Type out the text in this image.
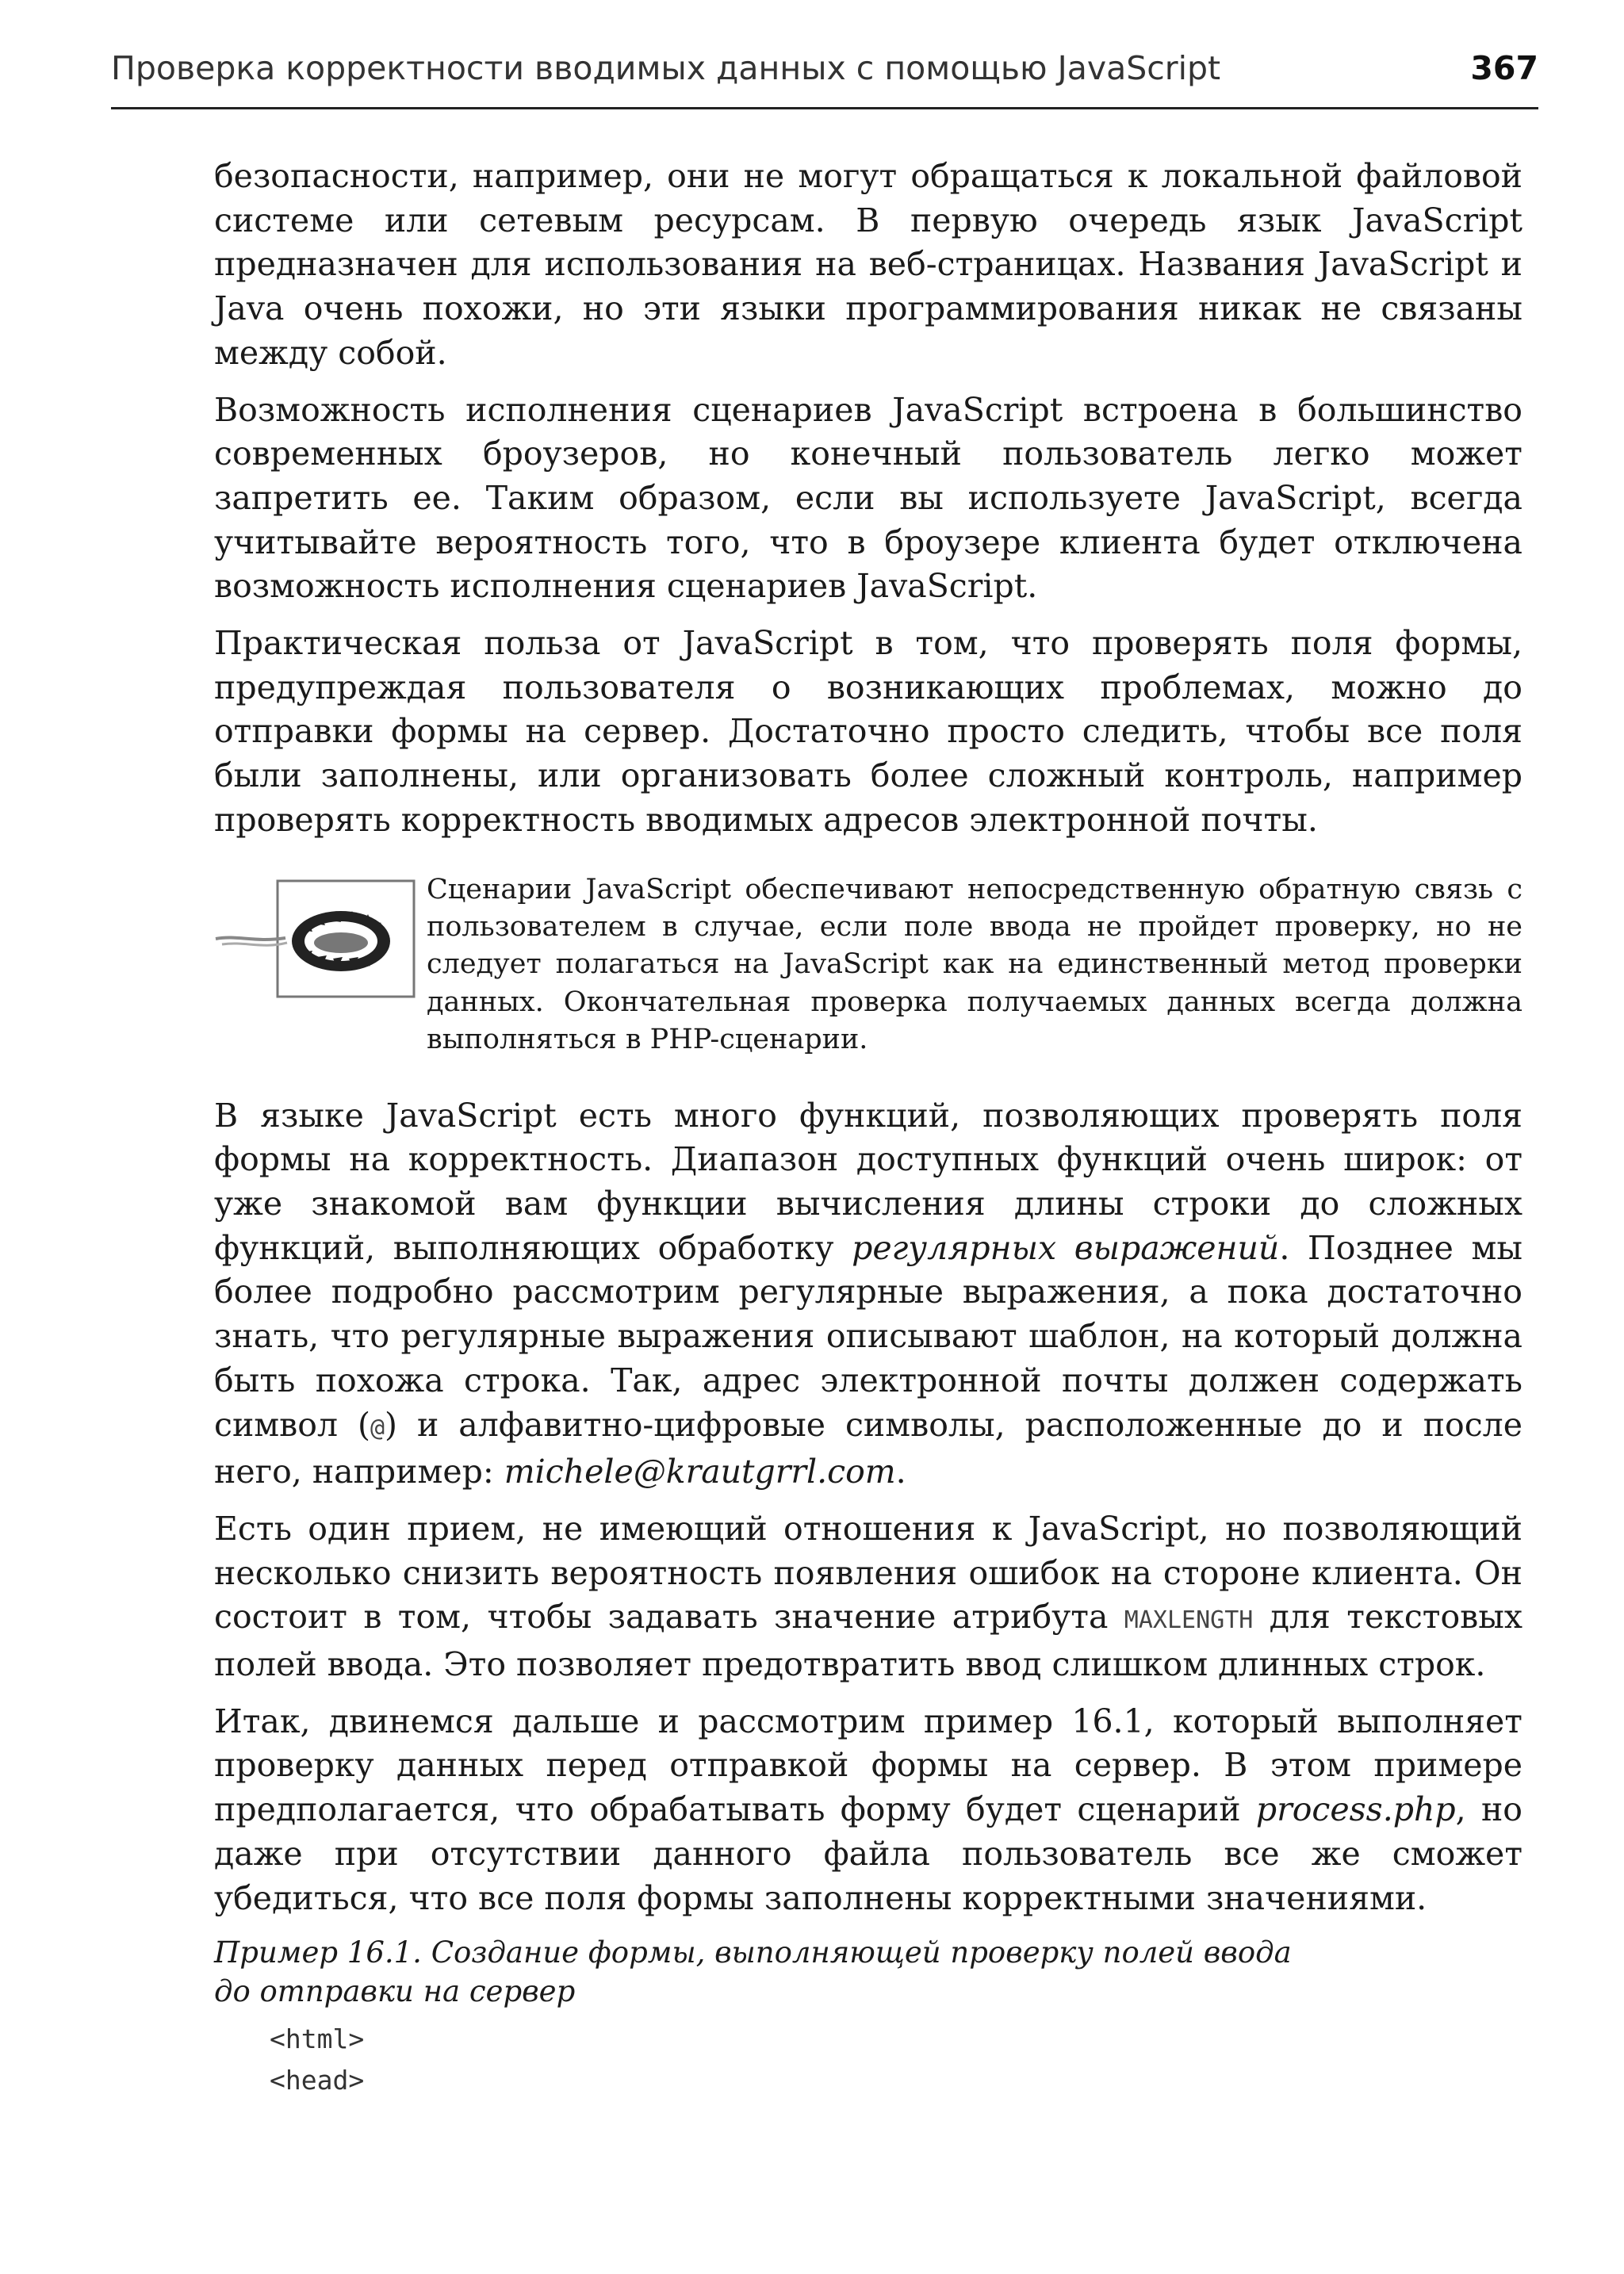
Проверка корректности вводимых данных с помощью JavaScript	367

безопасности, например, они не могут обращаться к локальной файловой системе или сетевым ресурсам. В первую очередь язык JavaScript предназначен для использования на веб-страницах. Названия JavaScript и Java очень похожи, но эти языки программирования никак не связаны между собой.

Возможность исполнения сценариев JavaScript встроена в большинство современных броузеров, но конечный пользователь легко может запретить ее. Таким образом, если вы используете JavaScript, всегда учитывайте вероятность того, что в броузере клиента будет отключена возможность исполнения сценариев JavaScript.

Практическая польза от JavaScript в том, что проверять поля формы, предупреждая пользователя о возникающих проблемах, можно до отправки формы на сервер. Достаточно просто следить, чтобы все поля были заполнены, или организовать более сложный контроль, например проверять корректность вводимых адресов электронной почты.

Сценарии JavaScript обеспечивают непосредственную обратную связь с пользователем в случае, если поле ввода не пройдет проверку, но не следует полагаться на JavaScript как на единственный метод проверки данных. Окончательная проверка получаемых данных всегда должна выполняться в PHP-сценарии.

В языке JavaScript есть много функций, позволяющих проверять поля формы на корректность. Диапазон доступных функций очень широк: от уже знакомой вам функции вычисления длины строки до сложных функций, выполняющих обработку регулярных выражений. Позднее мы более подробно рассмотрим регулярные выражения, а пока достаточно знать, что регулярные выражения описывают шаблон, на который должна быть похожа строка. Так, адрес электронной почты должен содержать символ (@) и алфавитно-цифровые символы, расположенные до и после него, например: michele@krautgrrl.com.

Есть один прием, не имеющий отношения к JavaScript, но позволяющий несколько снизить вероятность появления ошибок на стороне клиента. Он состоит в том, чтобы задавать значение атрибута MAXLENGTH для текстовых полей ввода. Это позволяет предотвратить ввод слишком длинных строк.

Итак, двинемся дальше и рассмотрим пример 16.1, который выполняет проверку данных перед отправкой формы на сервер. В этом примере предполагается, что обрабатывать форму будет сценарий process.php, но даже при отсутствии данного файла пользователь все же сможет убедиться, что все поля формы заполнены корректными значениями.

Пример 16.1. Создание формы, выполняющей проверку полей ввода
до отправки на сервер
<html>
<head>
